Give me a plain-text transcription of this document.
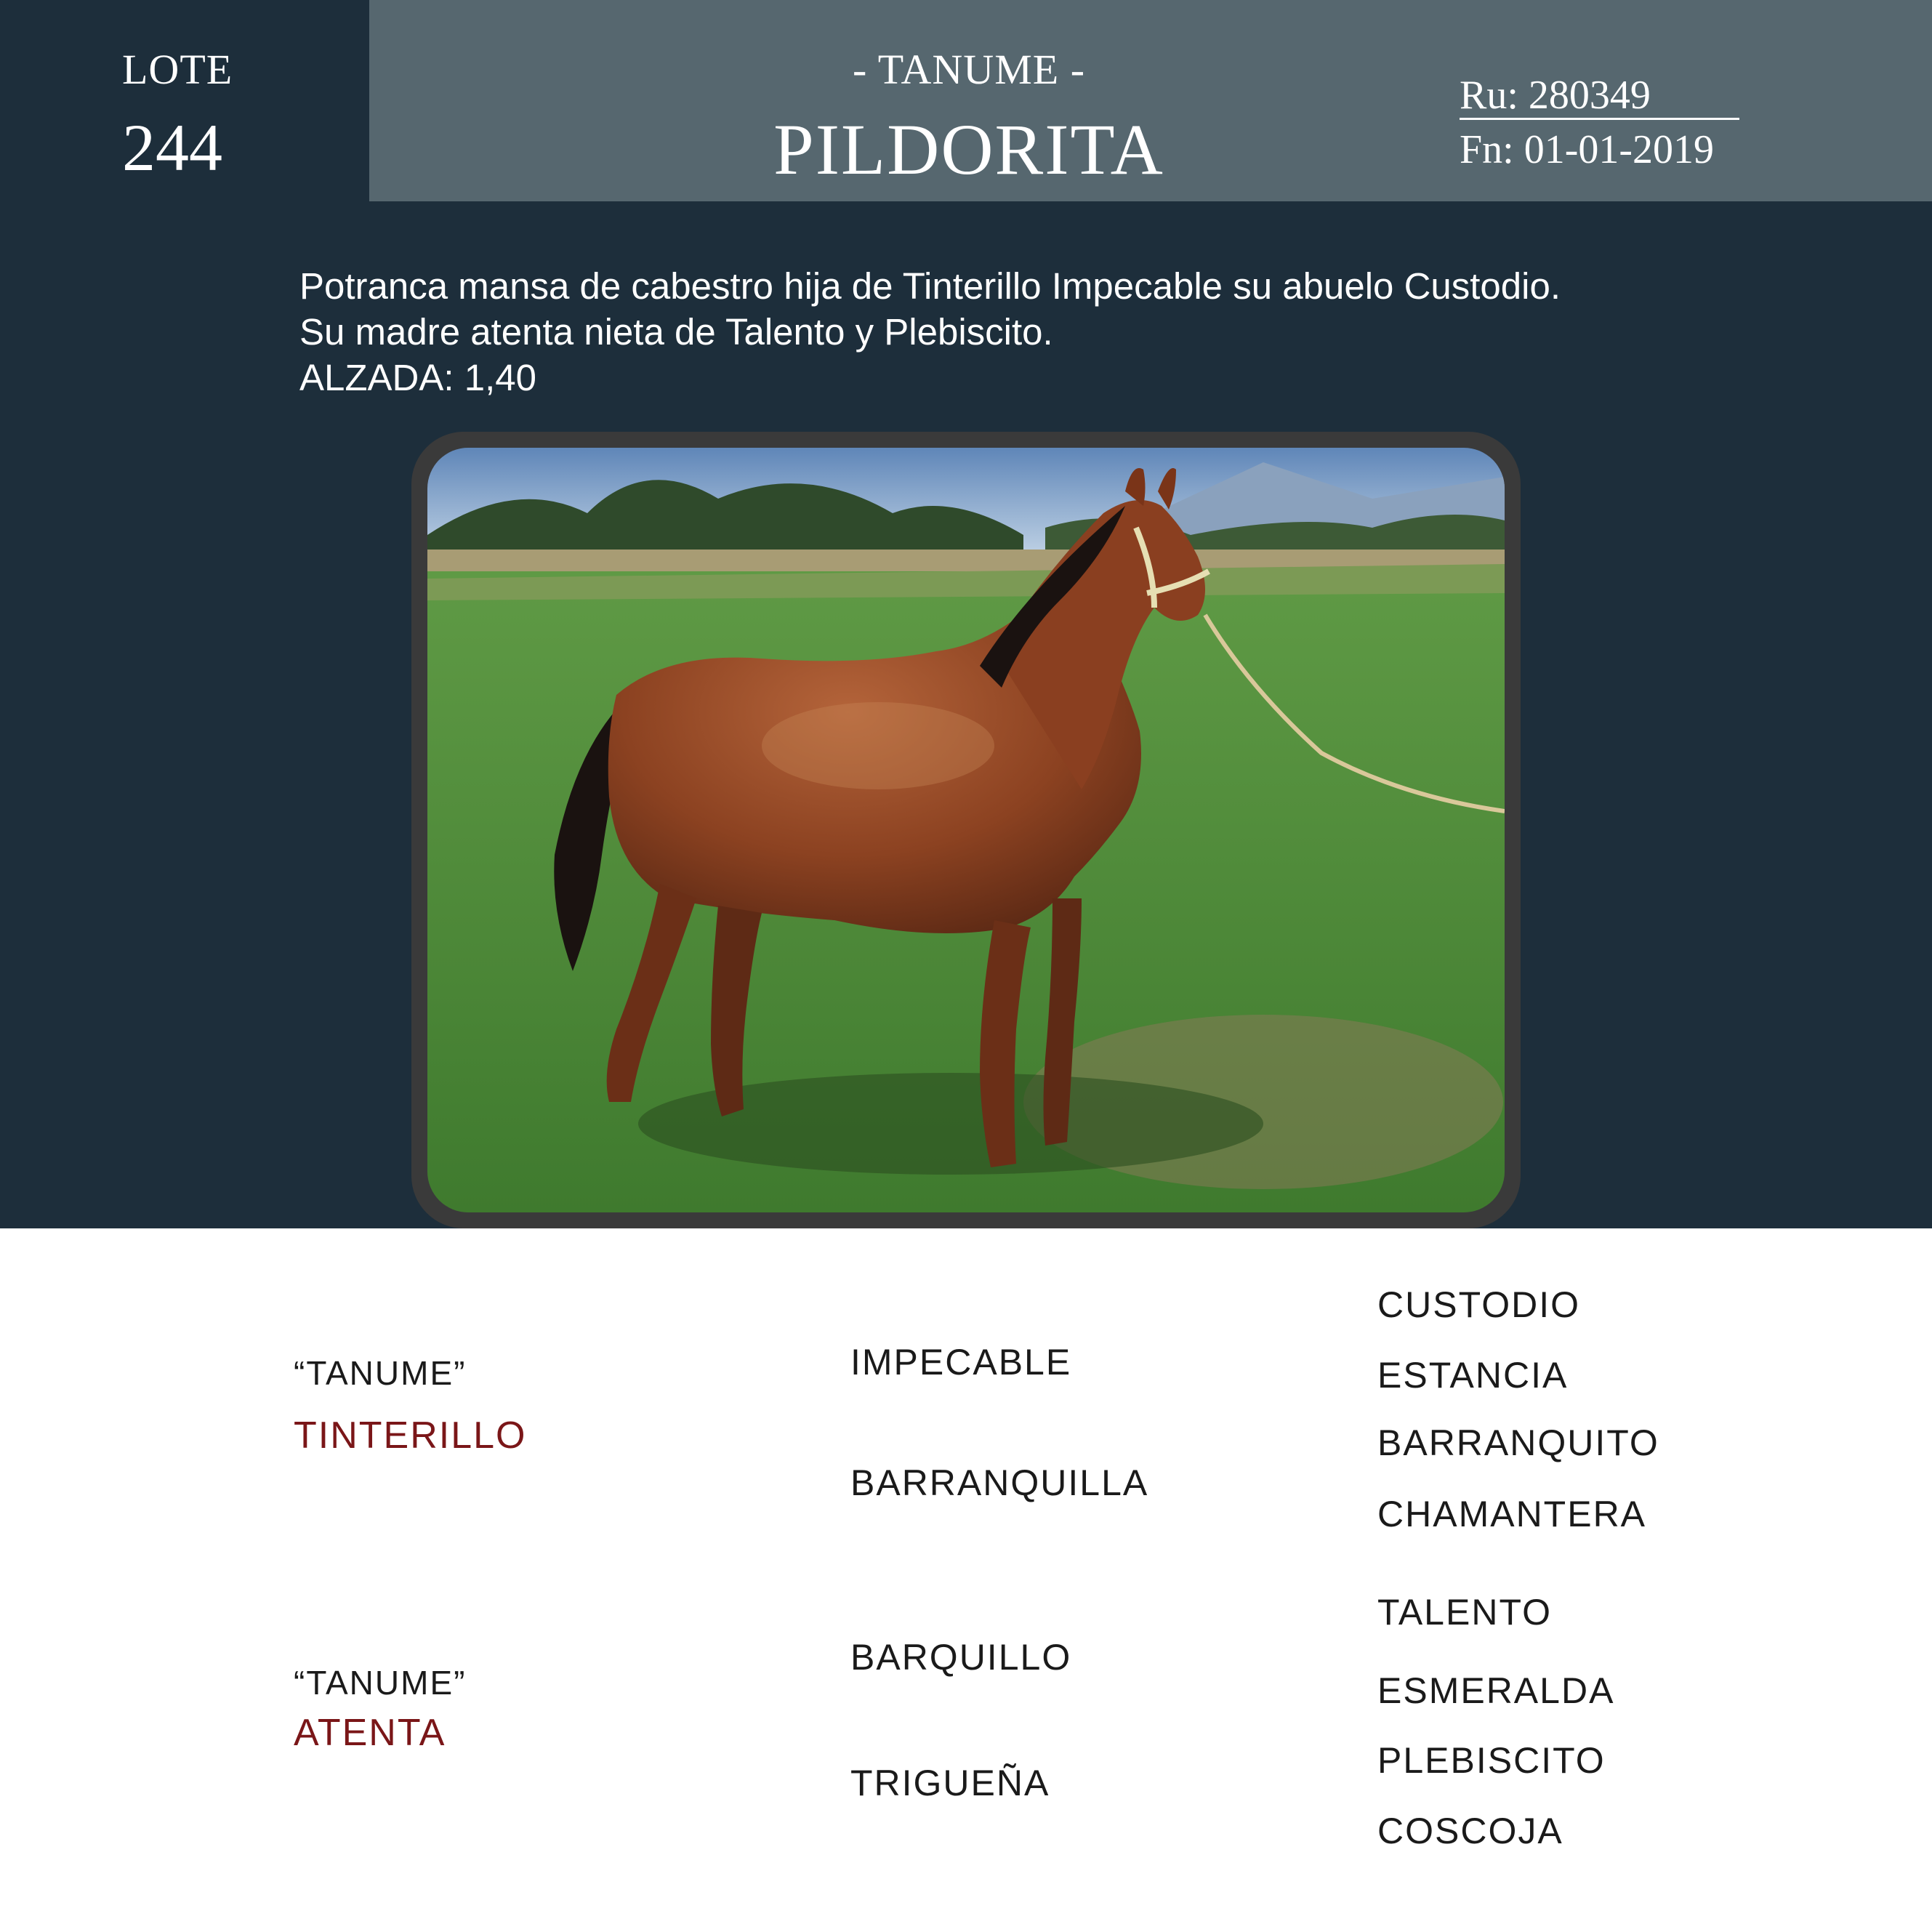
LOTE
244
- TANUME -
PILDORITA
Ru: 280349
Fn: 01-01-2019
Potranca mansa de cabestro hija de Tinterillo Impecable su abuelo Custodio.
Su madre atenta nieta de Talento y Plebiscito.
ALZADA: 1,40
“TANUME”
TINTERILLO
“TANUME”
ATENTA
IMPECABLE
BARRANQUILLA
BARQUILLO
TRIGUEÑA
CUSTODIO
ESTANCIA
BARRANQUITO
CHAMANTERA
TALENTO
ESMERALDA
PLEBISCITO
COSCOJA
